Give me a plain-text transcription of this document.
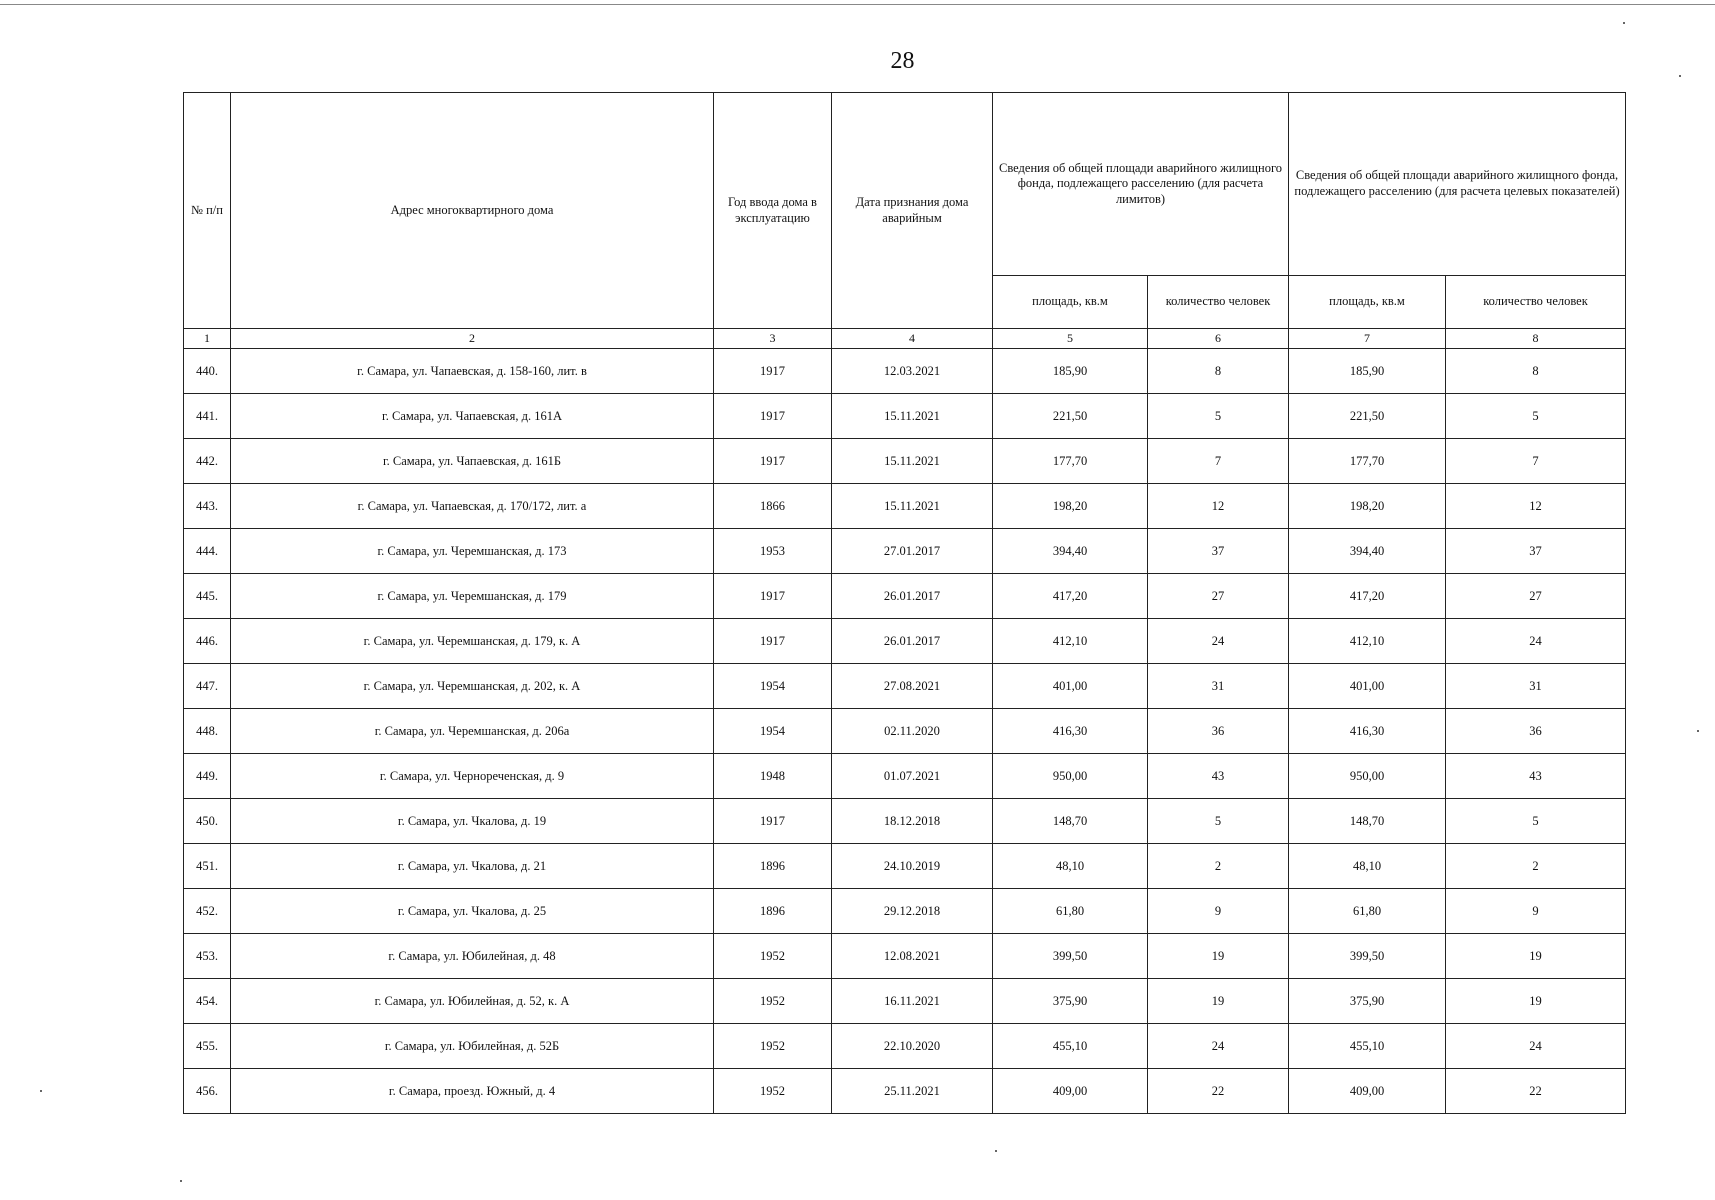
28
№ п/п	Адрес многоквартирного дома	Год ввода дома в эксплуатацию	Дата признания дома аварийным	Сведения об общей площади аварийного жилищного фонда, подлежащего расселению (для расчета лимитов)		Сведения об общей площади аварийного жилищного фонда, подлежащего расселению (для расчета целевых показателей)	
				площадь, кв.м	количество человек	площадь, кв.м	количество человек
1	2	3	4	5	6	7	8
440.	г. Самара, ул. Чапаевская, д. 158-160, лит. в	1917	12.03.2021	185,90	8	185,90	8
441.	г. Самара, ул. Чапаевская, д. 161А	1917	15.11.2021	221,50	5	221,50	5
442.	г. Самара, ул. Чапаевская, д. 161Б	1917	15.11.2021	177,70	7	177,70	7
443.	г. Самара, ул. Чапаевская, д. 170/172, лит. а	1866	15.11.2021	198,20	12	198,20	12
444.	г. Самара, ул. Черемшанская, д. 173	1953	27.01.2017	394,40	37	394,40	37
445.	г. Самара, ул. Черемшанская, д. 179	1917	26.01.2017	417,20	27	417,20	27
446.	г. Самара, ул. Черемшанская, д. 179, к. А	1917	26.01.2017	412,10	24	412,10	24
447.	г. Самара, ул. Черемшанская, д. 202, к. А	1954	27.08.2021	401,00	31	401,00	31
448.	г. Самара, ул. Черемшанская, д. 206а	1954	02.11.2020	416,30	36	416,30	36
449.	г. Самара, ул. Чернореченская, д. 9	1948	01.07.2021	950,00	43	950,00	43
450.	г. Самара, ул. Чкалова, д. 19	1917	18.12.2018	148,70	5	148,70	5
451.	г. Самара, ул. Чкалова, д. 21	1896	24.10.2019	48,10	2	48,10	2
452.	г. Самара, ул. Чкалова, д. 25	1896	29.12.2018	61,80	9	61,80	9
453.	г. Самара, ул. Юбилейная, д. 48	1952	12.08.2021	399,50	19	399,50	19
454.	г. Самара, ул. Юбилейная, д. 52, к. А	1952	16.11.2021	375,90	19	375,90	19
455.	г. Самара, ул. Юбилейная, д. 52Б	1952	22.10.2020	455,10	24	455,10	24
456.	г. Самара, проезд. Южный, д. 4	1952	25.11.2021	409,00	22	409,00	22
